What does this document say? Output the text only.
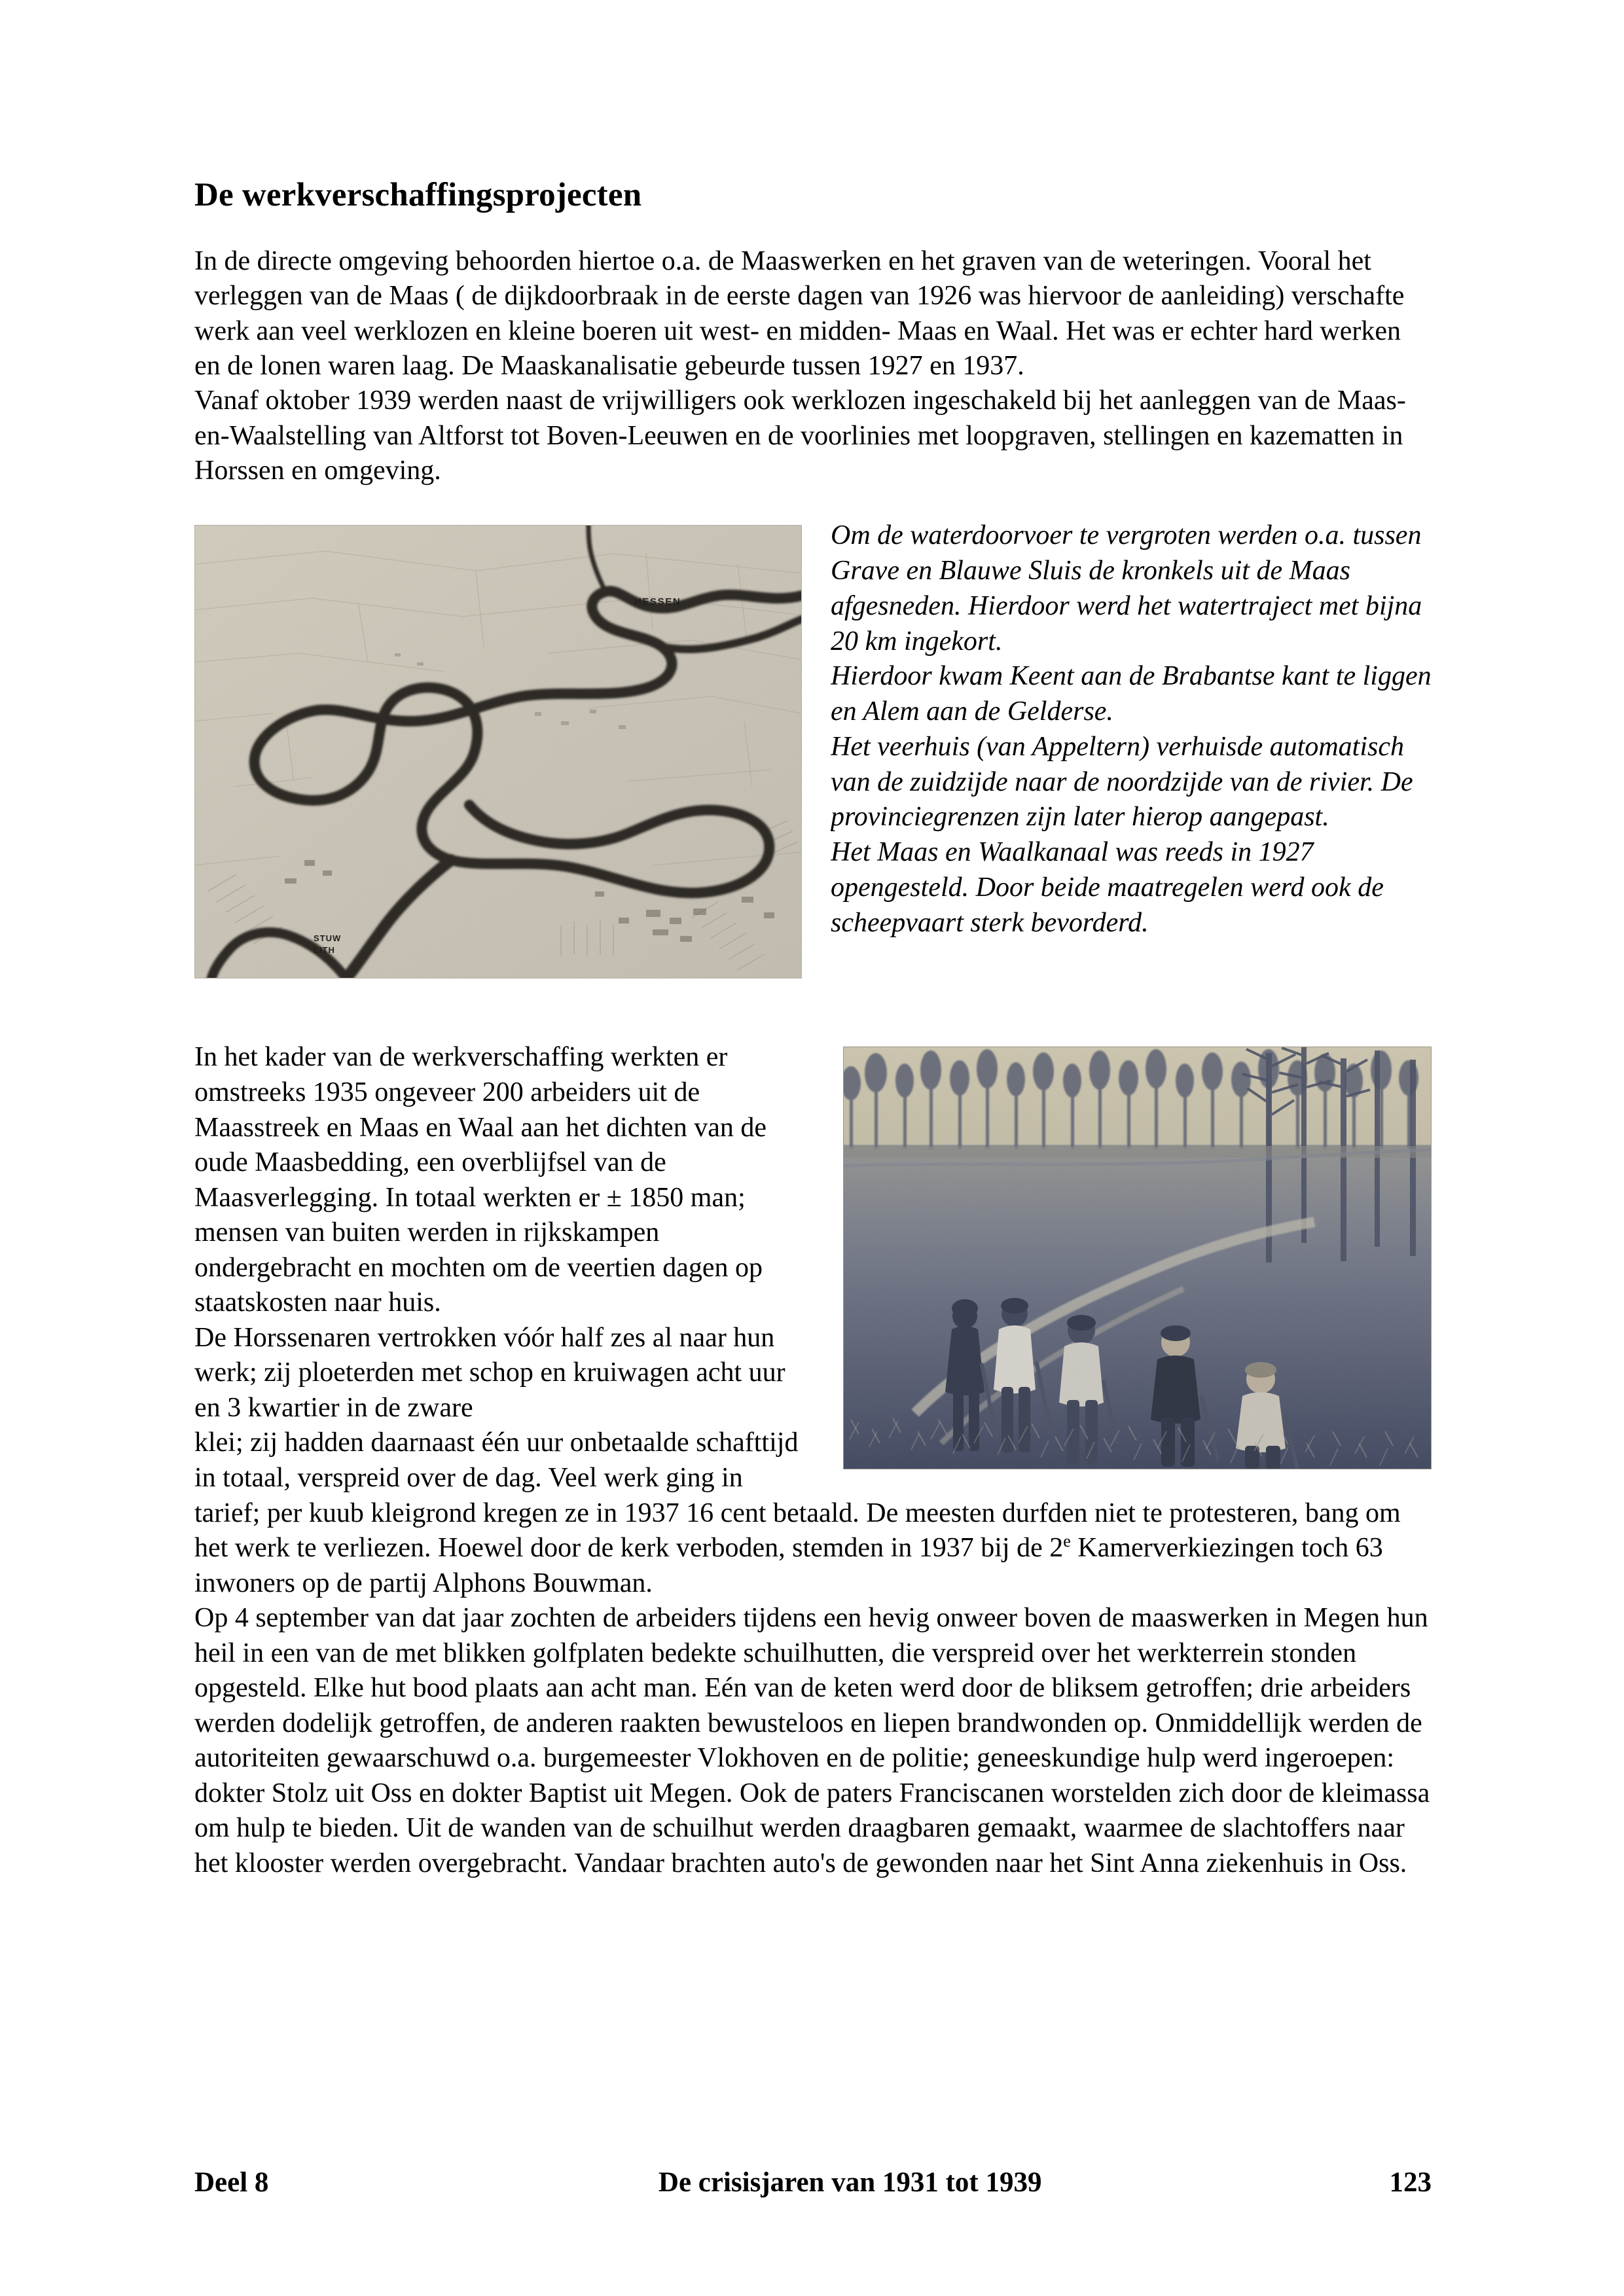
De werkverschaffingsprojecten

In de directe omgeving behoorden hiertoe o.a. de Maaswerken en het graven van de weteringen. Vooral het verleggen van de Maas ( de dijkdoorbraak in de eerste dagen van 1926 was hiervoor de aanleiding) verschafte werk aan veel werklozen en kleine boeren uit west- en midden- Maas en Waal. Het was er echter hard werken en de lonen waren laag. De Maaskanalisatie gebeurde tussen 1927 en 1937.

Vanaf oktober 1939 werden naast de vrijwilligers ook werklozen ingeschakeld bij het aanleggen van de Maas-en-Waalstelling van Altforst tot Boven-Leeuwen en de voorlinies met loopgraven, stellingen en kazematten in Horssen en omgeving.

HESSEN
STUW
LITH

Om de waterdoorvoer te vergroten werden o.a. tussen Grave en Blauwe Sluis de kronkels uit de Maas afgesneden. Hierdoor werd het watertraject met bijna 20 km ingekort.

Hierdoor kwam Keent aan de Brabantse kant te liggen en Alem aan de Gelderse.

Het veerhuis (van Appeltern) verhuisde automatisch van de zuidzijde naar de noordzijde van de rivier. De provinciegrenzen zijn later hierop aangepast.

Het Maas en Waalkanaal was reeds in 1927 opengesteld. Door beide maatregelen werd ook de scheepvaart sterk bevorderd.

In het kader van de werkverschaffing werkten er omstreeks 1935 ongeveer 200 arbeiders uit de Maasstreek en Maas en Waal aan het dichten van de oude Maasbedding, een overblijfsel van de Maasverlegging. In totaal werkten er ± 1850 man; mensen van buiten werden in rijkskampen ondergebracht en mochten om de veertien dagen op staatskosten naar huis.

De Horssenaren vertrokken vóór half zes al naar hun werk; zij ploeterden met schop en kruiwagen acht uur en 3 kwartier in de zware

klei; zij hadden daarnaast één uur onbetaalde schafttijd in totaal, verspreid over de dag. Veel werk ging in tarief; per kuub kleigrond kregen ze in 1937 16 cent betaald. De meesten durfden niet te protesteren, bang om het werk te verliezen. Hoewel door de kerk verboden, stemden in 1937 bij de 2e Kamerverkiezingen toch 63 inwoners op de partij Alphons Bouwman.

Op 4 september van dat jaar zochten de arbeiders tijdens een hevig onweer boven de maaswerken in Megen hun heil in een van de met blikken golfplaten bedekte schuilhutten, die verspreid over het werkterrein stonden opgesteld. Elke hut bood plaats aan acht man. Eén van de keten werd door de bliksem getroffen; drie arbeiders werden dodelijk getroffen, de anderen raakten bewusteloos en liepen brandwonden op. Onmiddellijk werden de autoriteiten gewaarschuwd o.a. burgemeester Vlokhoven en de politie; geneeskundige hulp werd ingeroepen: dokter Stolz uit Oss en dokter Baptist uit Megen. Ook de paters Franciscanen worstelden zich door de kleimassa om hulp te bieden. Uit de wanden van de schuilhut werden draagbaren gemaakt, waarmee de slachtoffers naar het klooster werden overgebracht. Vandaar brachten auto's de gewonden naar het Sint Anna ziekenhuis in Oss.

Deel 8	De crisisjaren van 1931 tot 1939	123
